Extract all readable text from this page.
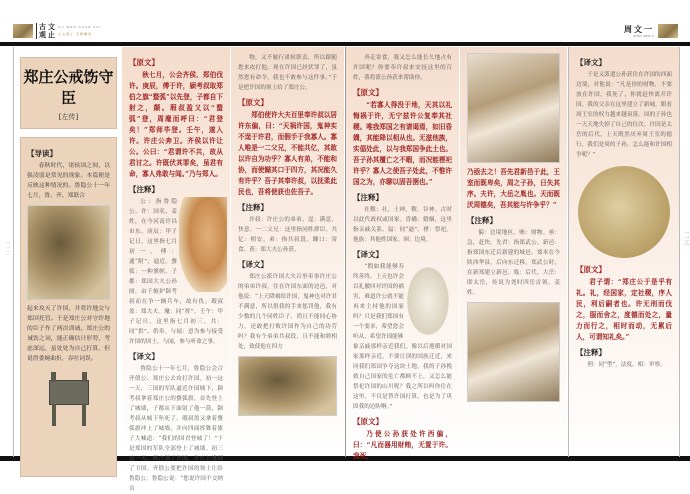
古 文
观 止
GU WEN GUAN ZHI
古文观止 名篇精选	周文一
ZHOU WEN YI
一一二
一一三
郑庄公戒饬守臣
[左传]
【导读】

春秋时代，诸侯国之间，以强凌弱是常见的现象。本篇便是反映这种情况的。鲁隐公十一年七月，鲁、齐、郑联合

起来攻灭了许国，并将许地交与郑国托管。于是郑庄公对守许地的臣子作了两次训诫，郑庄公的诫饬之词，能正确估计形势，考虑深远，虽处处为自己打算，但说得委婉曲折，吞吐词误。

【原文】

秋七月，公会齐侯、郑伯伐许。庚辰，傅于许，颍考叔取郑伯之旗“蝥弧”以先登，子都自下射之，颠。瑕叔盈又以“蝥弧”登，周麾而呼曰：“君登矣！”郑师毕登。壬午，遂入许。许庄公奔卫。齐侯以许让公。公曰：“君谓许不共，故从君讨之。许既伏其罪矣，虽君有命，寡人弗敢与闻。”乃与郑人。

【注释】

公：指鲁隐公。许：国名，姜姓，在今河南许昌市东。庚辰：甲子记日，这里指七月初一。傅：通“附”，逼近。蝥弧：一种旗帜。子都：郑国大夫公孙阏，由于嫉妒颍考叔而在争一辆兵车，故有仇。瑕叔盈：郑大夫。麾：同“挥”。壬午：甲子记日，这里指七月初三。共：同“供”，供奉。与闻：意为参与接受许国的国土。与闻，参与听命之事。

【译文】

鲁隐公十一年七月，鲁隐公会合齐僖公、郑庄公去攻打许国。初一这一天，三国的军队逼近许国城下，颍考叔拿着郑庄公的蝥弧旗，首先登上了城墙，子都从下面射了他一箭，颍考叔从城下坠死了。瑕叔盈又拿着蝥弧旗冲上了城墙，并向四面挥舞着旗子大喊道：“我们的国君登城了！”于是郑国的军队全部登上了城墙。初三这一天，便占领了许国，许庄公逃到了卫国。齐僖公要把许国的领土让给鲁隐公，鲁隐公说：“您说许国不交纳贡

物，又不履行诸侯职责，所以跟随您来攻打他。现在许国已经伏罪了，虽然您有命令，我也不敢参与这件事。”于是把许国的领土给了郑庄公。

【原文】

郑伯使许大夫百里奉许叔以居许东偏，曰：“天祸许国，鬼神实不逞于许君，而假手于我寡人。寡人唯是一二父兄，不能共亿，其敢以许自为功乎？寡人有弟，不能和协，而使餬其口于四方，其况能久有许乎？吾子其奉许叔，以抚柔此民也，吾将使获也佐吾子。

【注释】

许叔：许庄公的弟弟。逞：满意，快意。一二父兄：这里指同姓群臣。共亿：相安。弟：指共叔段。餬口：寄食。获：郑大夫公孙获。

【译文】

郑庄公派许国大夫百里奉事许庄公的弟弟许叔，住在许国东面的边邑，对他说：“上天降祸给许国，鬼神也对许君不满意，所以借我的手来惩罚他，我有少数的几个同姓臣子，尚且不能同心协力，还敢把打败许国作为自己的功劳吗？我有个弟弟共叔段，且不能和睦相处，致使他在四方

奔走寄食，我又怎么能长久地占有许国呢？你要奉许叔来安抚这里的百姓，我将派公孙获来帮助你。

【原文】

“若寡人得没于地，天其以礼悔祸于许，无宁兹许公复奉其社稷。唯我郑国之有请谒焉，如旧昏媾，其能降以相从也。无滋他族，实偪处此，以与我郑国争此土也。吾子孙其覆亡之不暇，而况能禋祀许乎？寡人之使吾子处此，不惟许国之为，亦聊以固吾圉也。”

【注释】

社稷：社，土神。稷，谷神。古时以此代政权或国家。昏媾：婚姻，这里指亲戚关系。偪：同“逼”。禋：祭祀。他族：其他姓国家。圉：边境。

【译文】

“假如我能够寿终善终，上天也许会以礼撤回对许国的祸害，难道许公就不能再来主持他的国家吗？只是我们郑国有一个要求，希望您会听从，希望许国能够

象亲戚那样亲近我们，像以后遵循对国家那样亲近，不要让别的国族迁近，来同我们郑国争夺这块土地。我的子孙挽救自己国家的危亡都顾不上，又怎么能祭祀许国的山川呢？我之所以叫你住在这里，不仅是替许国打算，也是为了巩固我的边防啊。”

【原文】

乃使公孙获处许西偏，曰：“凡而器用财贿，无置于许。我死，

乃亟去之！吾先君新邑于此，王室而既卑矣，周之子孙，日失其序。夫许，大岳之胤也。天而既厌周德矣，吾其能与许争乎？”

【注释】

偏：边境地区。贿：财物。亟：急，赶快。先君：指郑武公。新邑：指郑国东迁后新建的城邑。郑本在今陕西华县，后向东迁移，郑武公时，在新郑建立新邑。胤：后代。大岳：即太岳，传说为尧时四岳首领，姜姓。

【译文】

于是又派遣公孙获住在许国的西面边境，对他说：“凡是你的财物，不要放在许国，我死了，你就赶快离开许国。我的父亲在这里建立了新城，眼看周王室的权力越来越衰落，周的子孙也一天天地失掉了自己的位次。许国是太岳的后代，上天既然厌弃周王室的德行，我们是周的子孙，怎么能和许国相争呢？”

【原文】

君子谓：“郑庄公于是乎有礼。礼，经国家，定社稷，序人民，利后嗣者也。许无刑而伐之，服而舍之，度德而处之，量力而行之，相时而动，无累后人，可谓知礼矣。”

【注释】

刑：同“型”，法度。相：审察。
